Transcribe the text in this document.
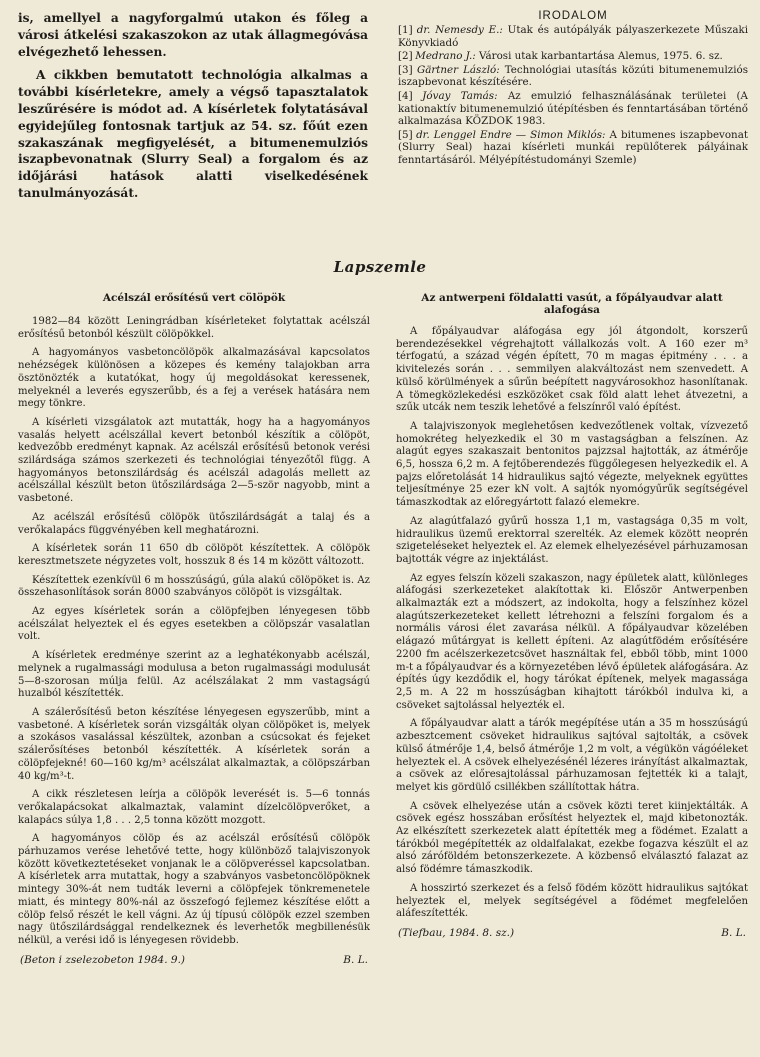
is, amellyel a nagyforgalmú utakon és főleg a városi átkelési szakaszokon az utak állagmegóvása elvégezhető lehessen.

A cikkben bemutatott technológia alkalmas a további kísérletekre, amely a végső tapasztalatok leszűrésére is módot ad. A kísérletek folytatásával egyidejűleg fontosnak tartjuk az 54. sz. főút ezen szakaszának megfigyelését, a bitumenemulziós iszapbevonatnak (Slurry Seal) a forgalom és az időjárási hatások alatti viselkedésének tanulmányozását.

IRODALOM
[1] dr. Nemesdy E.: Utak és autópályák pályaszerkezete Műszaki Könyvkiadó
[2] Medrano J.: Városi utak karbantartása Alemus, 1975. 6. sz.
[3] Gärtner László: Technológiai utasítás közúti bitumenemulziós iszapbevonat készítésére.
[4] Jóvay Tamás: Az emulzió felhasználásának területei (A kationaktív bitumenemulzió útépítésben és fenntartásában történő alkalmazása KÖZDOK 1983.
[5] dr. Lenggel Endre — Simon Miklós: A bitumenes iszapbevonat (Slurry Seal) hazai kísérleti munkái repülőterek pályáinak fenntartásáról. Mélyépítéstudományi Szemle)
Lapszemle
Acélszál erősítésű vert cölöpök

1982—84 között Leningrádban kísérleteket folytattak acélszál erősítésű betonból készült cölöpökkel.

A hagyományos vasbetoncölöpök alkalmazásával kapcsolatos nehézségek különösen a közepes és kemény talajokban arra ösztönözték a kutatókat, hogy új megoldásokat keressenek, melyeknél a leverés egyszerűbb, és a fej a verések hatására nem megy tönkre.

A kísérleti vizsgálatok azt mutatták, hogy ha a hagyományos vasalás helyett acélszállal kevert betonból készítik a cölöpöt, kedvezőbb eredményt kapnak. Az acélszál erősítésű betonok verési szilárdsága számos szerkezeti és technológiai tényezőtől függ. A hagyományos betonszilárdság és acélszál adagolás mellett az acélszállal készült beton ütőszilárdsága 2—5-ször nagyobb, mint a vasbetoné.

Az acélszál erősítésű cölöpök ütőszilárdságát a talaj és a verőkalapács függvényében kell meghatározni.

A kísérletek során 11 650 db cölöpöt készítettek. A cölöpök keresztmetszete négyzetes volt, hosszuk 8 és 14 m között változott.

Készítettek ezenkívül 6 m hosszúságú, gúla alakú cölöpöket is. Az összehasonlítások során 8000 szabványos cölöpöt is vizsgáltak.

Az egyes kísérletek során a cölöpfejben lényegesen több acélszálat helyeztek el és egyes esetekben a cölöpszár vasalatlan volt.

A kísérletek eredménye szerint az a leghatékonyabb acélszál, melynek a rugalmassági modulusa a beton rugalmassági modulusát 5—8-szorosan múlja felül. Az acélszálakat 2 mm vastagságú huzalból készítették.

A szálerősítésű beton készítése lényegesen egyszerűbb, mint a vasbetoné. A kísérletek során vizsgálták olyan cölöpöket is, melyek a szokásos vasalással készültek, azonban a csúcsokat és fejeket szálerősítéses betonból készítették. A kísérletek során a cölöpfejekné! 60—160 kg/m³ acélszálat alkalmaztak, a cölöpszárban 40 kg/m³-t.

A cikk részletesen leírja a cölöpök leverését is. 5—6 tonnás verőkalapácsokat alkalmaztak, valamint dízelcölöpverőket, a kalapács súlya 1,8 . . . 2,5 tonna között mozgott.

A hagyományos cölöp és az acélszál erősítésű cölöpök párhuzamos verése lehetővé tette, hogy különböző talajviszonyok között következtetéseket vonjanak le a cölöpveréssel kapcsolatban. A kísérletek arra mutattak, hogy a szabványos vasbetoncölöpöknek mintegy 30%-át nem tudták leverni a cölöpfejek tönkremenetele miatt, és mintegy 80%-nál az összefogó fejlemez készítése előtt a cölöp felső részét le kell vágni. Az új típusú cölöpök ezzel szemben nagy ütőszilárdsággal rendelkeznek és leverhetők megbillenésük nélkül, a verési idő is lényegesen rövidebb.

(Beton i zselezobeton 1984. 9.)	B. L.
Az antwerpeni földalatti vasút, a főpályaudvar alatt
alafogása

A főpályaudvar aláfogása egy jól átgondolt, korszerű berendezésekkel végrehajtott vállalkozás volt. A 160 ezer m³ térfogatú, a század végén épített, 70 m magas épitmény . . . a kivitelezés során . . . semmilyen alakváltozást nem szenvedett. A külső körülmények a sűrűn beépített nagyvárosokhoz hasonlítanak. A tömegközlekedési eszközöket csak föld alatt lehet átvezetni, a szűk utcák nem teszik lehetővé a felszínről való építést.

A talajviszonyok meglehetősen kedvezőtlenek voltak, vízvezető homokréteg helyezkedik el 30 m vastagságban a felszínen. Az alagút egyes szakaszait bentonitos pajzzsal hajtották, az átmérője 6,5, hossza 6,2 m. A fejtőberendezés függőlegesen helyezkedik el. A pajzs előretolását 14 hidraulikus sajtó végezte, melyeknek együttes teljesítménye 25 ezer kN volt. A sajtók nyomógyűrűk segítségével támaszkodtak az előregyártott falazó elemekre.

Az alagútfalazó gyűrű hossza 1,1 m, vastagsága 0,35 m volt, hidraulikus üzemű erektorral szerelték. Az elemek között neoprén szigeteléseket helyeztek el. Az elemek elhelyezésével párhuzamosan bajtották végre az injektálást.

Az egyes felszín közeli szakaszon, nagy épületek alatt, különleges aláfogási szerkezeteket alakítottak ki. Először Antwerpenben alkalmazták ezt a módszert, az indokolta, hogy a felszínhez közel alagútszerkezeteket kellett létrehozni a felszíni forgalom és a normális városi élet zavarása nélkül. A főpályaudvar közelében elágazó műtárgyat is kellett építeni. Az alagútfödém erősítésére 2200 fm acélszerkezetcsövet használtak fel, ebből több, mint 1000 m-t a főpályaudvar és a környezetében lévő épületek aláfogására. Az építés úgy kezdődik el, hogy tárókat építenek, melyek magassága 2,5 m. A 22 m hosszúságban kihajtott tárókból indulva ki, a csöveket sajtolással helyezték el.

A főpályaudvar alatt a tárók megépítése után a 35 m hosszúságú azbesztcement csöveket hidraulikus sajtóval sajtolták, a csövek külső átmérője 1,4, belső átmérője 1,2 m volt, a végükön vágóéleket helyeztek el. A csövek elhelyezésénél lézeres irányítást alkalmaztak, a csövek az előresajtolással párhuzamosan fejtették ki a talajt, melyet kis gördülő csillékben szállítottak hátra.

A csövek elhelyezése után a csövek közti teret kiinjektálták. A csövek egész hosszában erősítést helyeztek el, majd kibetonozták. Az elkészített szerkezetek alatt építették meg a födémet. Ezalatt a tárókból megépítették az oldalfalakat, ezekbe fogazva készült el az alsó záróföldém betonszerkezete. A közbenső elválasztó falazat az alsó födémre támaszkodik.

A hosszirtó szerkezet és a felső födém között hidraulikus sajtókat helyeztek el, melyek segítségével a födémet megfelelően aláfeszítették.

(Tiefbau, 1984. 8. sz.)	B. L.
